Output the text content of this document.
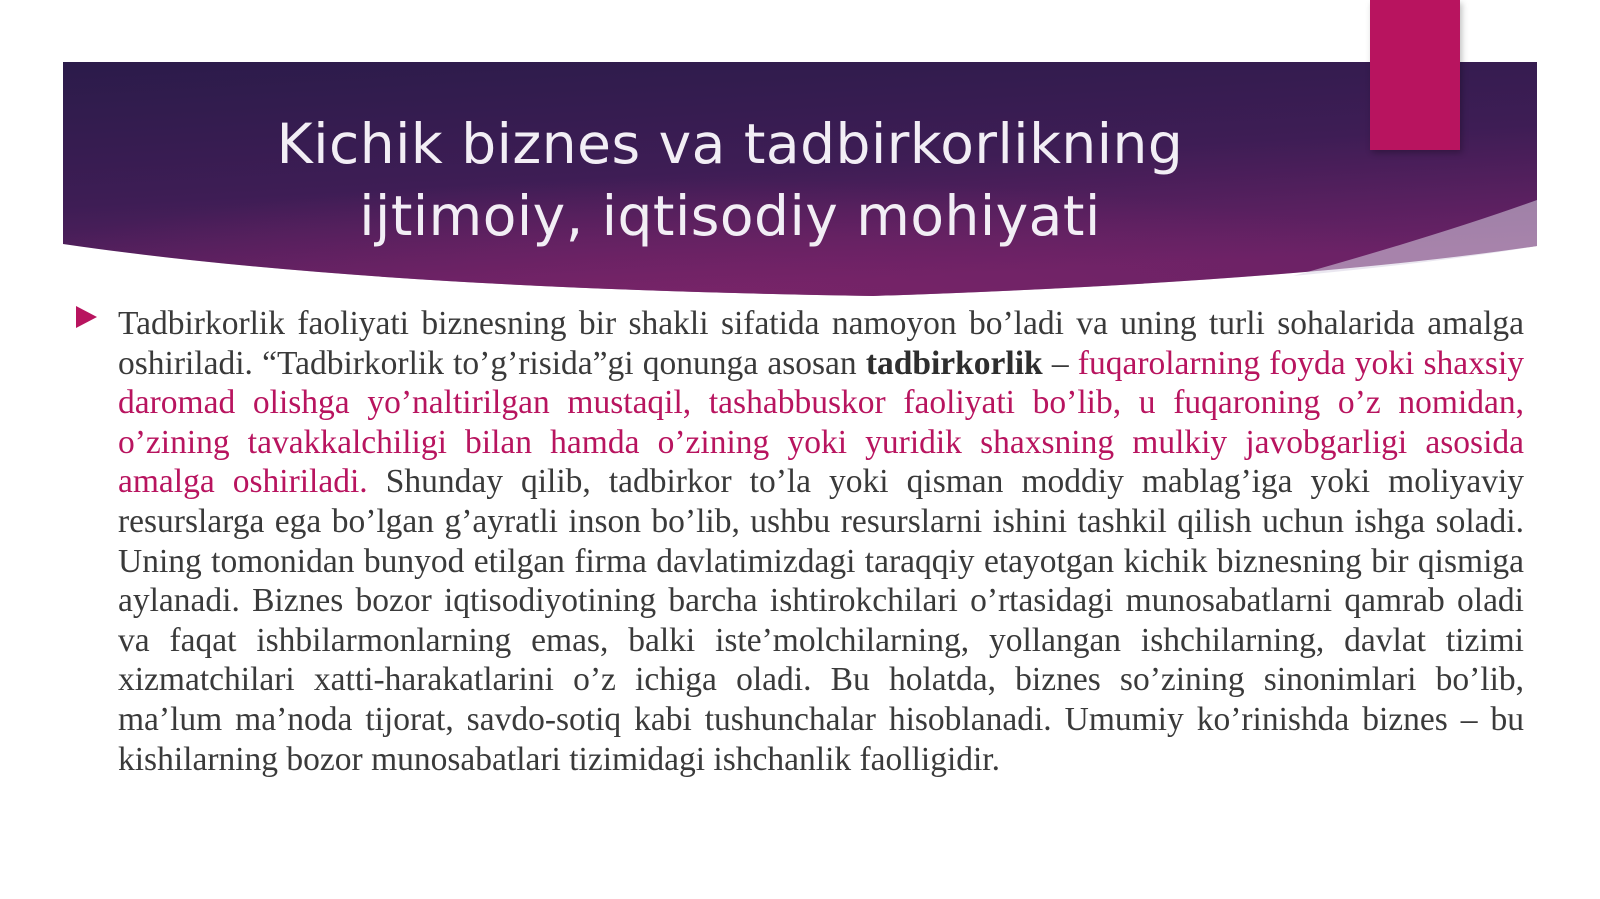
Kichik biznes va tadbirkorlikning
ijtimoiy, iqtisodiy mohiyati

Tadbirkorlik faoliyati biznesning bir shakli sifatida namoyon bo’ladi va uning turli sohalarida amalga oshiriladi. “Tadbirkorlik to’g’risida”gi qonunga asosan tadbirkorlik – fuqarolarning foyda yoki shaxsiy daromad olishga yo’naltirilgan mustaqil, tashabbuskor faoliyati bo’lib, u fuqaroning o’z nomidan, o’zining tavakkalchiligi bilan hamda o’zining yoki yuridik shaxsning mulkiy javobgarligi asosida amalga oshiriladi. Shunday qilib, tadbirkor to’la yoki qisman moddiy mablag’iga yoki moliyaviy resurslarga ega bo’lgan g’ayratli inson bo’lib, ushbu resurslarni ishini tashkil qilish uchun ishga soladi. Uning tomonidan bunyod etilgan firma davlatimizdagi taraqqiy etayotgan kichik biznesning bir qismiga aylanadi. Biznes bozor iqtisodiyotining barcha ishtirokchilari o’rtasidagi munosabatlarni qamrab oladi va faqat ishbilarmonlarning emas, balki iste’molchilarning, yollangan ishchilarning, davlat tizimi xizmatchilari xatti-harakatlarini o’z ichiga oladi. Bu holatda, biznes so’zining sinonimlari bo’lib, ma’lum ma’noda tijorat, savdo-sotiq kabi tushunchalar hisoblanadi. Umumiy ko’rinishda biznes – bu kishilarning bozor munosabatlari tizimidagi ishchanlik faolligidir.
